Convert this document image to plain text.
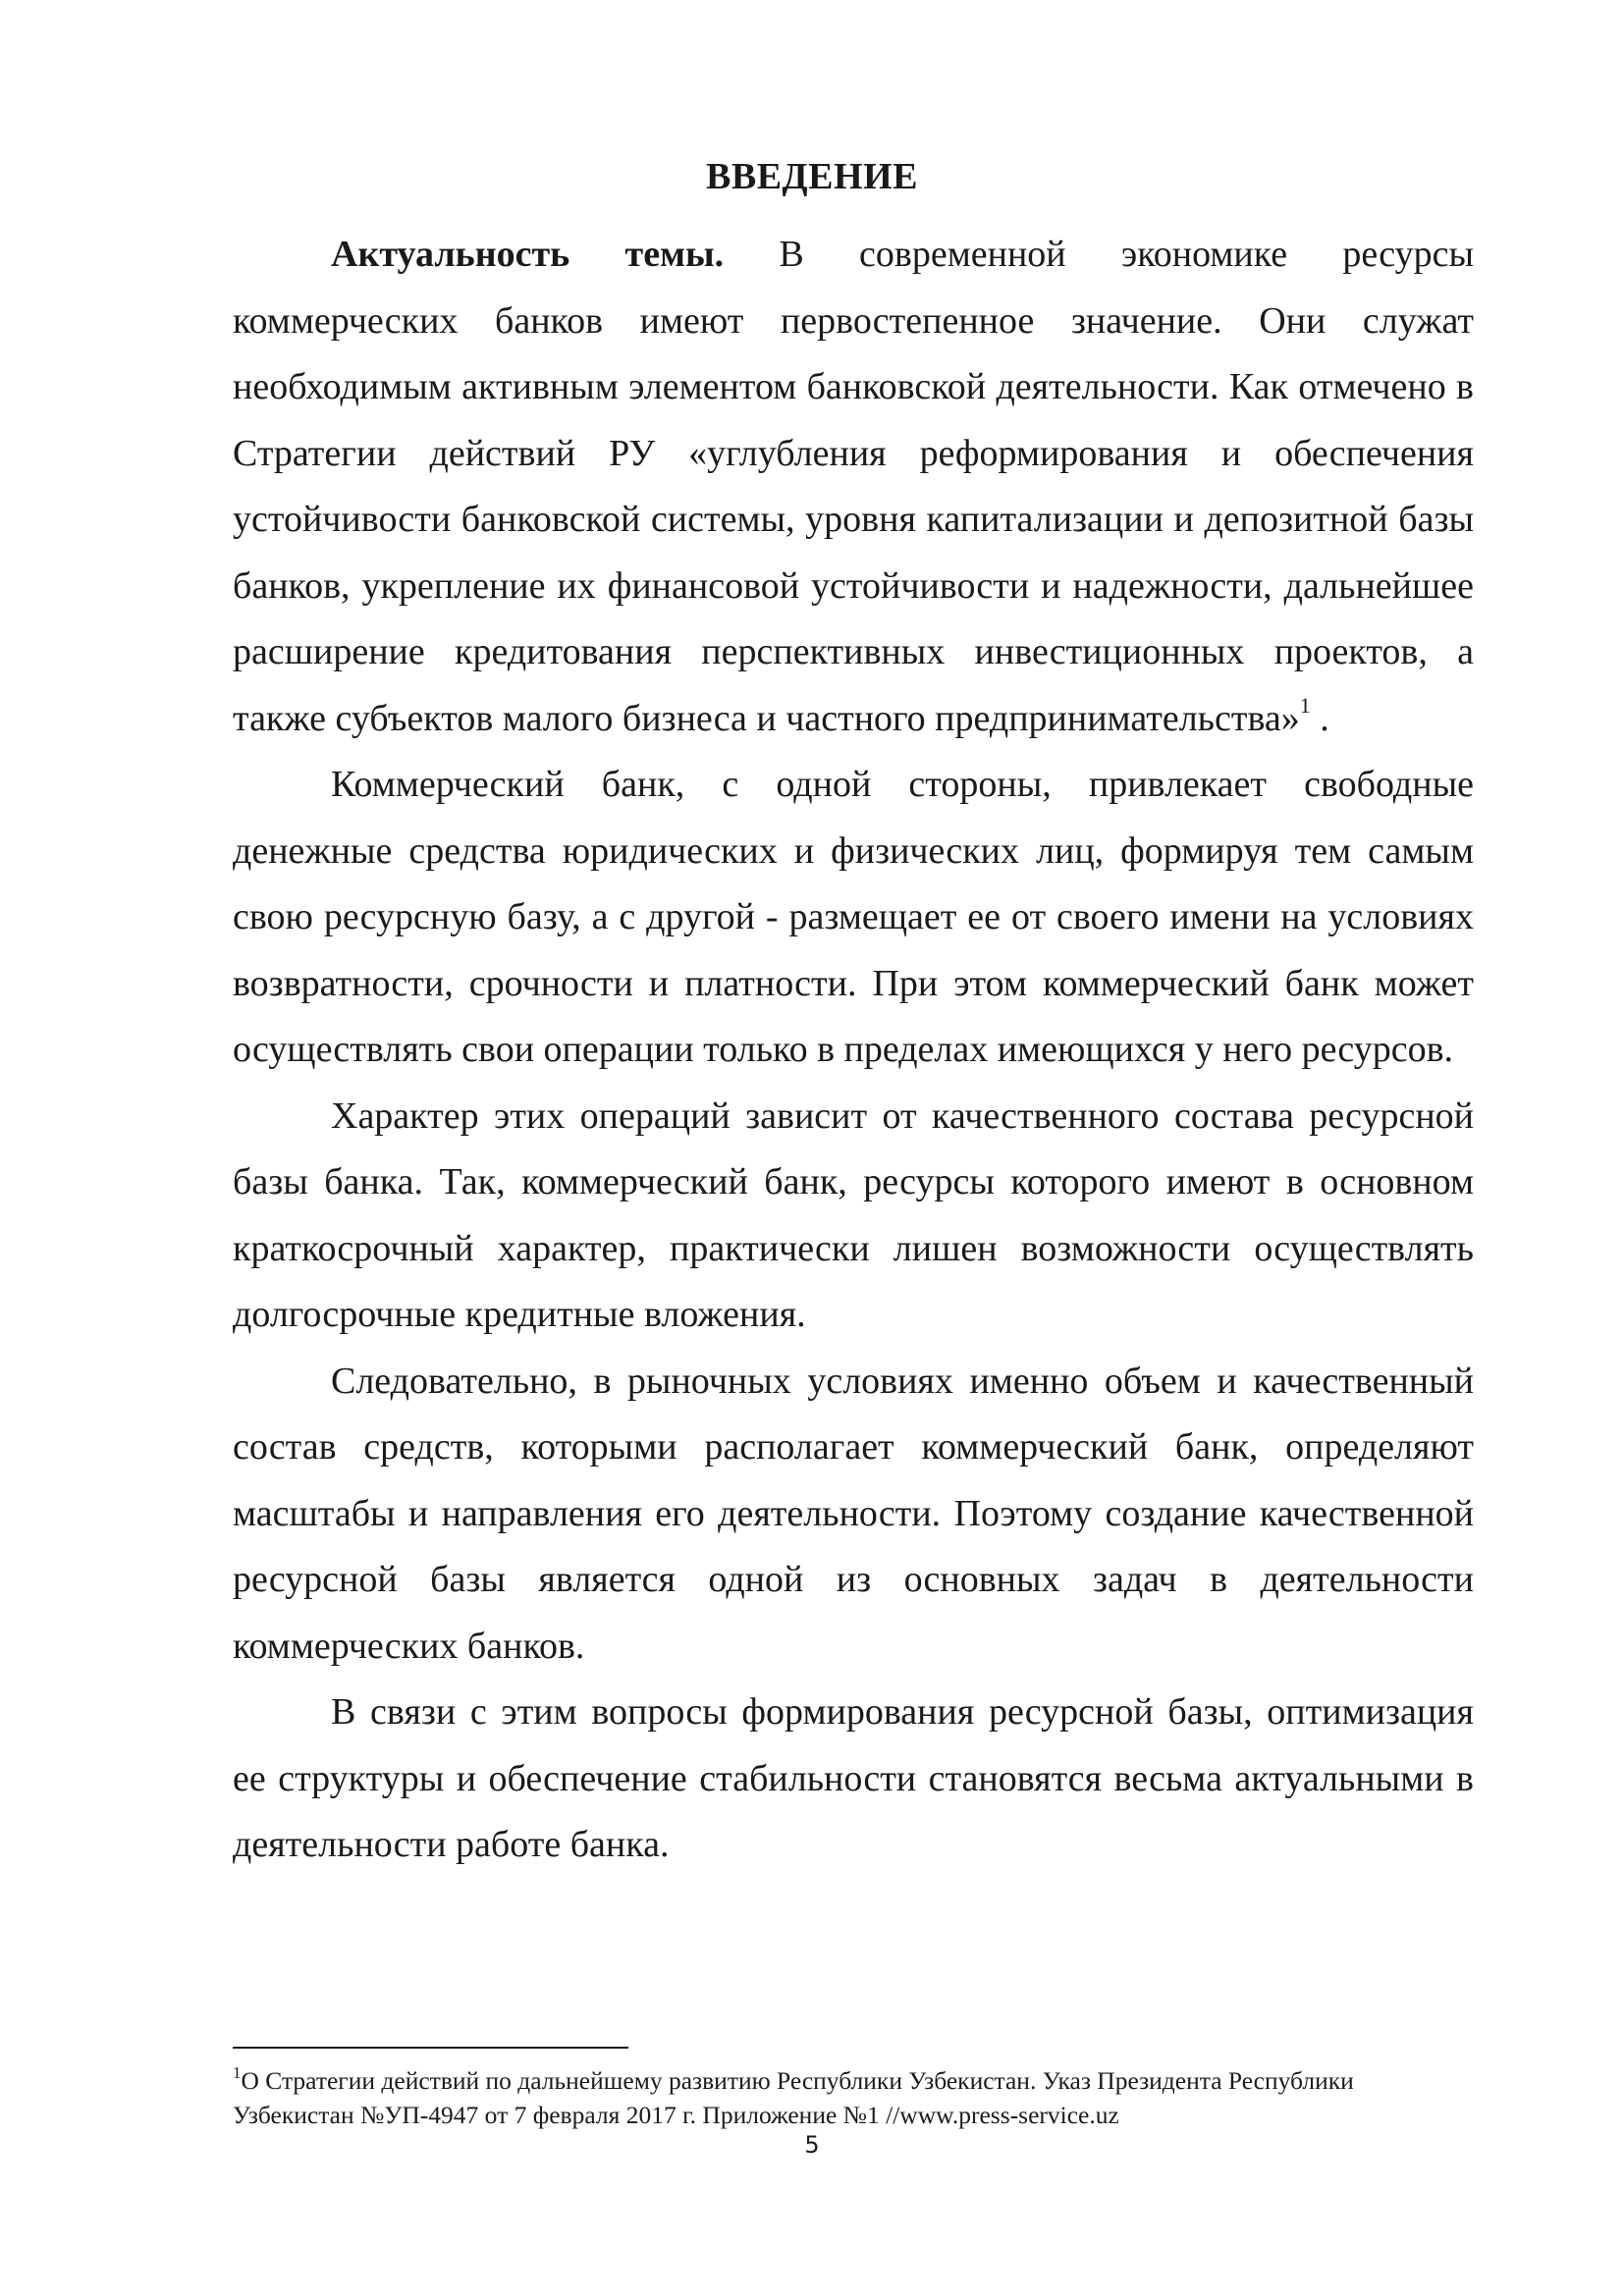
ВВЕДЕНИЕ

Актуальность темы. В современной экономике ресурсы коммерческих банков имеют первостепенное значение. Они служат необходимым активным элементом банковской деятельности. Как отмечено в Стратегии действий РУ «углубления реформирования и обеспечения устойчивости банковской системы, уровня капитализации и депозитной базы банков, укрепление их финансовой устойчивости и надежности, дальнейшее расширение кредитования перспективных инвестиционных проектов, а также субъектов малого бизнеса и частного предпринимательства»$^1$ .

Коммерческий банк, с одной стороны, привлекает свободные денежные средства юридических и физических лиц, формируя тем самым свою ресурсную базу, а с другой - размещает ее от своего имени на условиях возвратности, срочности и платности. При этом коммерческий банк может осуществлять свои операции только в пределах имеющихся у него ресурсов.

Характер этих операций зависит от качественного состава ресурсной базы банка. Так, коммерческий банк, ресурсы которого имеют в основном краткосрочный характер, практически лишен возможности осуществлять долгосрочные кредитные вложения.

Следовательно, в рыночных условиях именно объем и качественный состав средств, которыми располагает коммерческий банк, определяют масштабы и направления его деятельности. Поэтому создание качественной ресурсной базы является одной из основных задач в деятельности коммерческих банков.

В связи с этим вопросы формирования ресурсной базы, оптимизация ее структуры и обеспечение стабильности становятся весьма актуальными в деятельности работе банка.

$^1$О Стратегии действий по дальнейшему развитию Республики Узбекистан. Указ Президента Республики Узбекистан №УП-4947 от 7 февраля 2017 г. Приложение №1 //www.press-service.uz
5
